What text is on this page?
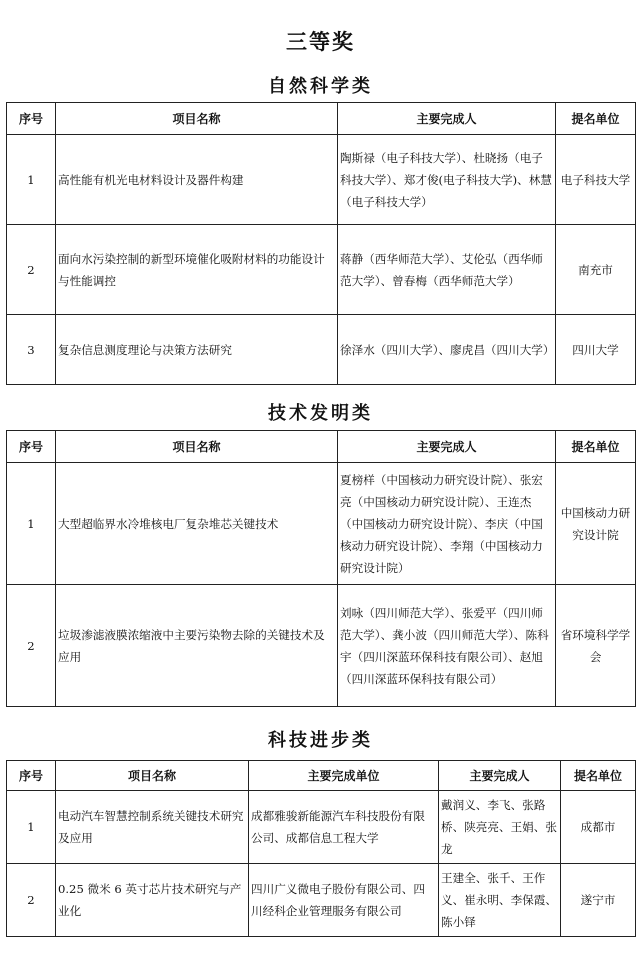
三等奖
自然科学类
序号	项目名称	主要完成人	提名单位
1	高性能有机光电材料设计及器件构建	陶斯禄（电子科技大学）、杜晓扬（电子科技大学）、郑才俊(电子科技大学)、林慧（电子科技大学）	电子科技大学
2	面向水污染控制的新型环境催化吸附材料的功能设计与性能调控	蒋静（西华师范大学）、艾伦弘（西华师范大学）、曾春梅（西华师范大学）	南充市
3	复杂信息测度理论与决策方法研究	徐泽水（四川大学）、廖虎昌（四川大学）	四川大学
技术发明类
序号	项目名称	主要完成人	提名单位
1	大型超临界水冷堆核电厂复杂堆芯关键技术	夏榜样（中国核动力研究设计院）、张宏亮（中国核动力研究设计院）、王连杰（中国核动力研究设计院）、李庆（中国核动力研究设计院）、李翔（中国核动力研究设计院）	中国核动力研究设计院
2	垃圾渗滤液膜浓缩液中主要污染物去除的关键技术及应用	刘咏（四川师范大学）、张爱平（四川师范大学）、龚小波（四川师范大学）、陈科宇（四川深蓝环保科技有限公司）、赵旭（四川深蓝环保科技有限公司）	省环境科学学会
科技进步类
序号	项目名称	主要完成单位	主要完成人	提名单位
1	电动汽车智慧控制系统关键技术研究及应用	成都雅骏新能源汽车科技股份有限公司、成都信息工程大学	戴润义、李飞、张路桥、陕亮亮、王娟、张龙	成都市
2	0.25 微米 6 英寸芯片技术研究与产业化	四川广义微电子股份有限公司、四川经科企业管理服务有限公司	王建全、张千、王作义、崔永明、李保霞、陈小铎	遂宁市
